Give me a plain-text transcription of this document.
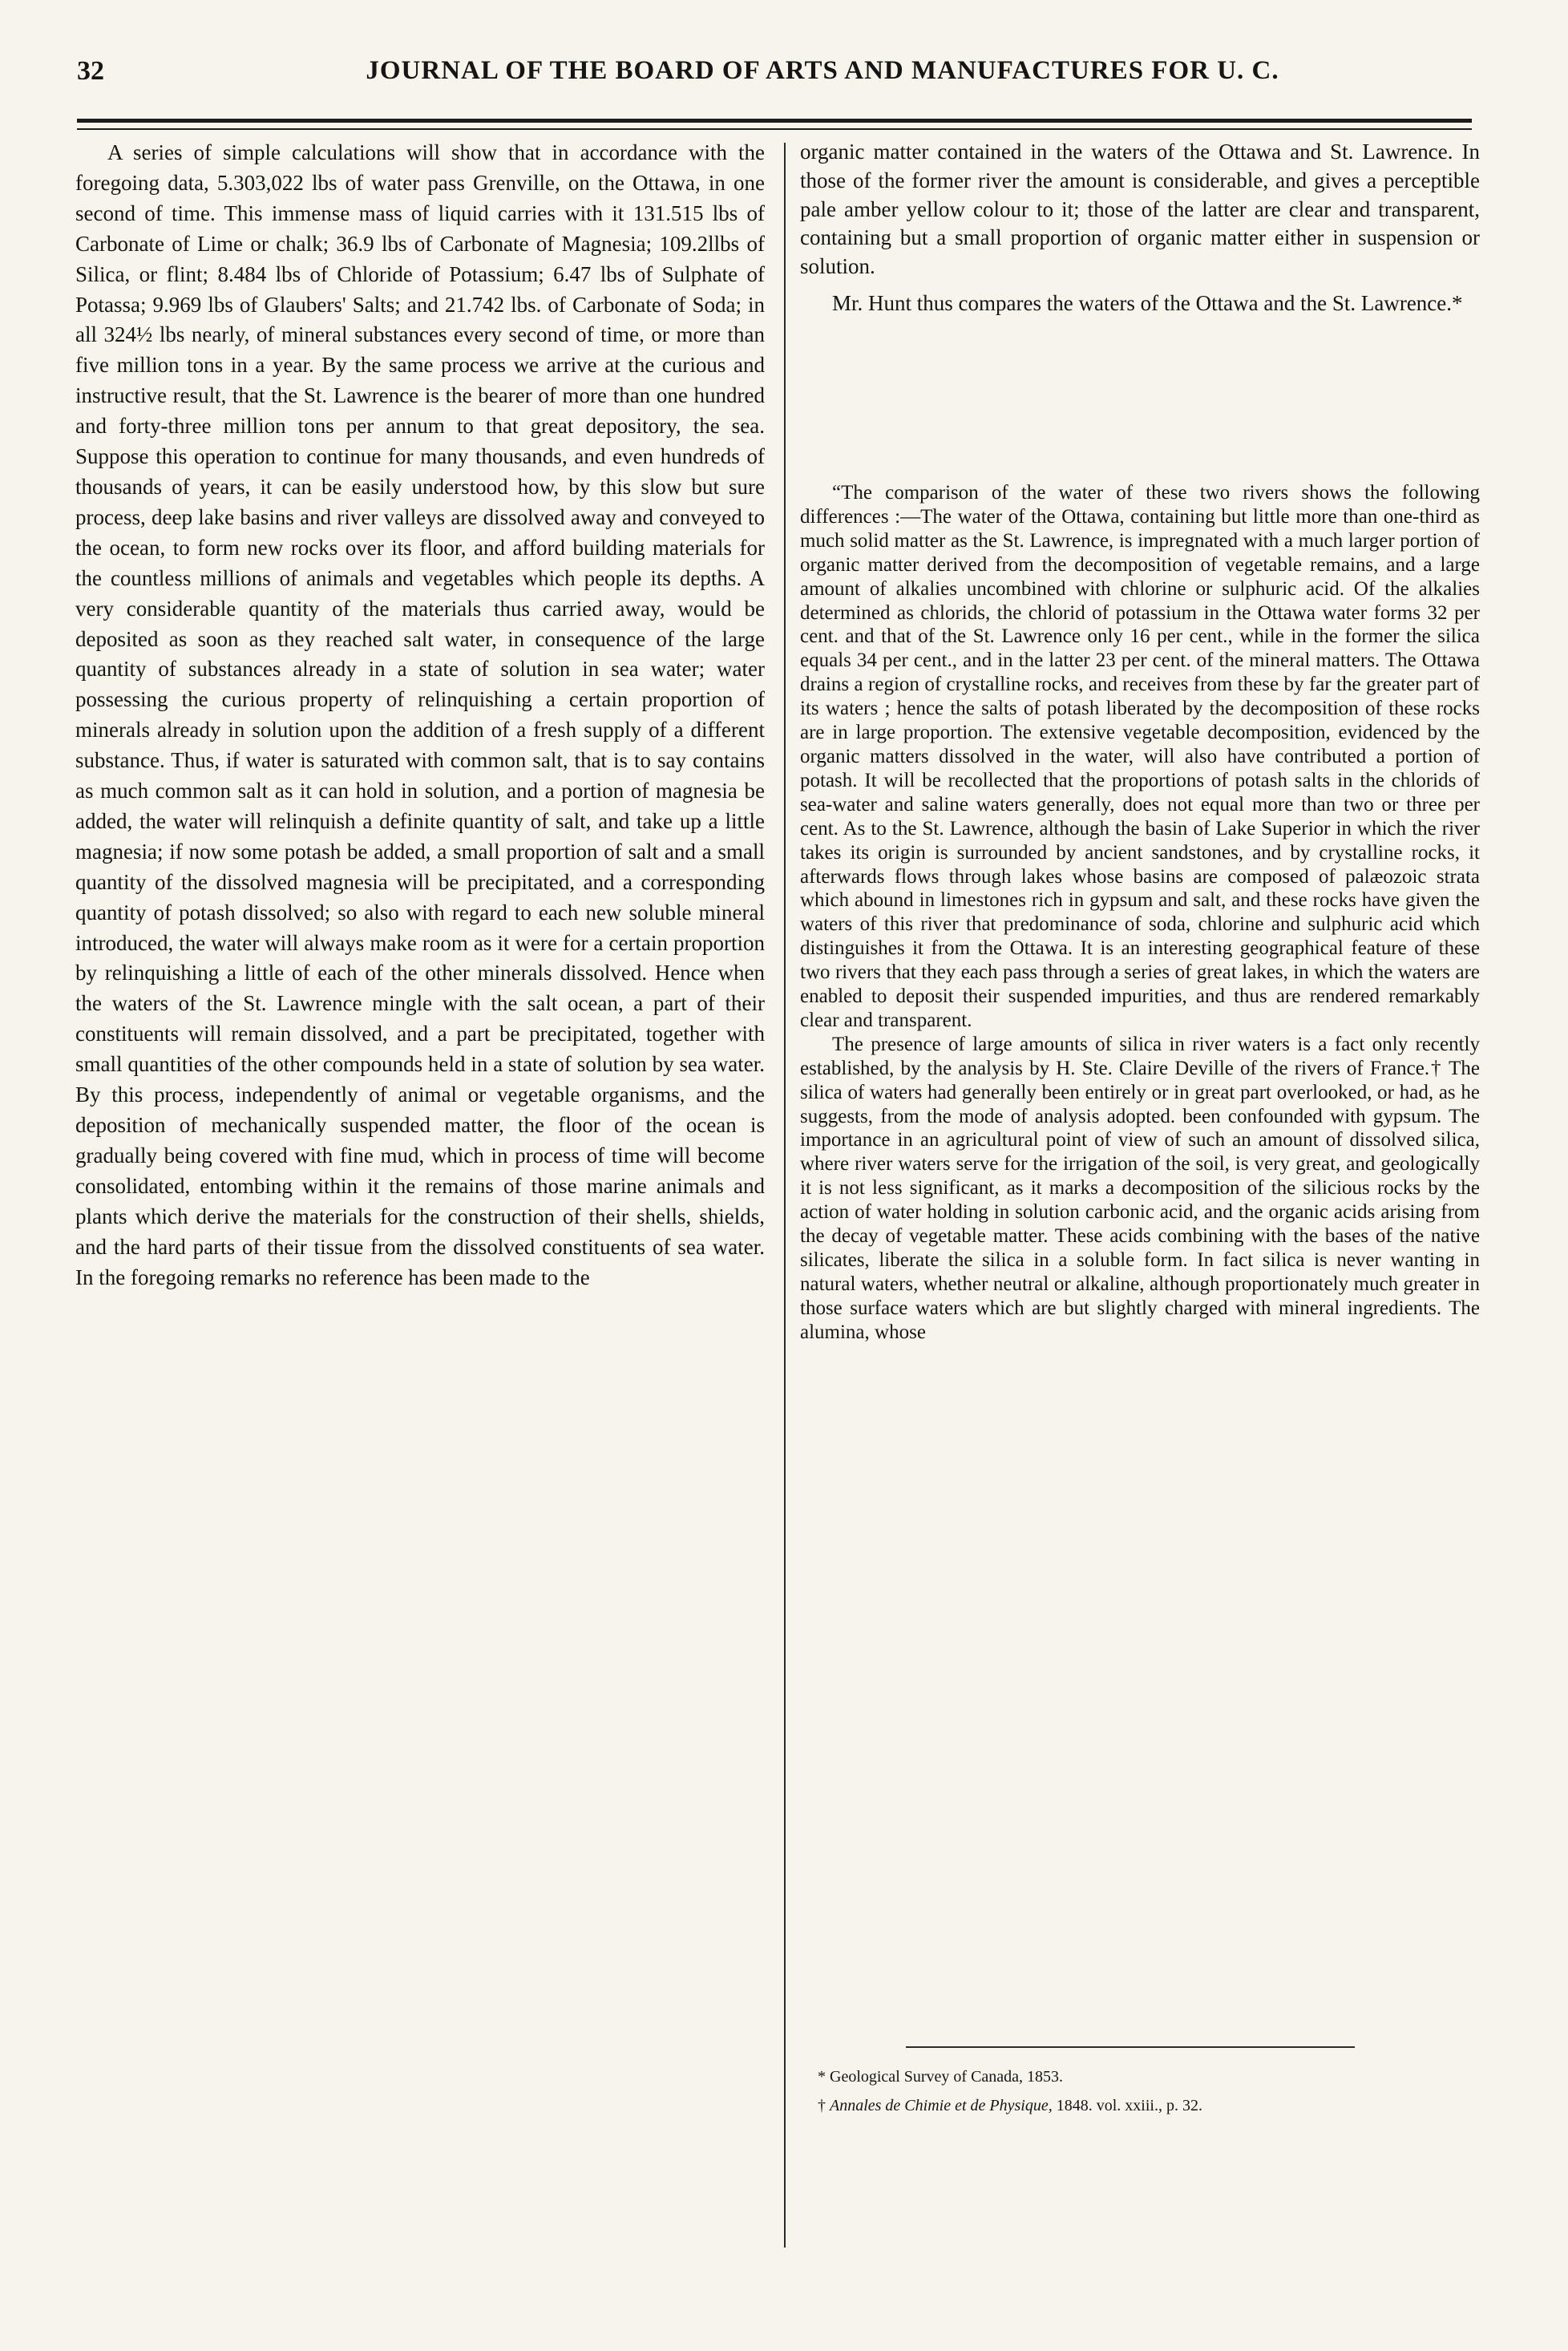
32	JOURNAL OF THE BOARD OF ARTS AND MANUFACTURES FOR U. C.

A series of simple calculations will show that in accordance with the foregoing data, 5.303,022 lbs of water pass Grenville, on the Ottawa, in one second of time. This immense mass of liquid carries with it 131.515 lbs of Carbonate of Lime or chalk; 36.9 lbs of Carbonate of Magnesia; 109.2llbs of Silica, or flint; 8.484 lbs of Chloride of Potassium; 6.47 lbs of Sulphate of Potassa; 9.969 lbs of Glaubers' Salts; and 21.742 lbs. of Carbonate of Soda; in all 324½ lbs nearly, of mineral substances every second of time, or more than five million tons in a year. By the same process we arrive at the curious and instructive result, that the St. Lawrence is the bearer of more than one hundred and forty-three million tons per annum to that great depository, the sea. Suppose this operation to continue for many thousands, and even hundreds of thousands of years, it can be easily understood how, by this slow but sure process, deep lake basins and river valleys are dissolved away and conveyed to the ocean, to form new rocks over its floor, and afford building materials for the countless millions of animals and vegetables which people its depths. A very considerable quantity of the materials thus carried away, would be deposited as soon as they reached salt water, in consequence of the large quantity of substances already in a state of solution in sea water; water possessing the curious property of relinquishing a certain proportion of minerals already in solution upon the addition of a fresh supply of a different substance. Thus, if water is saturated with common salt, that is to say contains as much common salt as it can hold in solution, and a portion of magnesia be added, the water will relinquish a definite quantity of salt, and take up a little magnesia; if now some potash be added, a small proportion of salt and a small quantity of the dissolved magnesia will be precipitated, and a corresponding quantity of potash dissolved; so also with regard to each new soluble mineral introduced, the water will always make room as it were for a certain proportion by relinquishing a little of each of the other minerals dissolved. Hence when the waters of the St. Lawrence mingle with the salt ocean, a part of their constituents will remain dissolved, and a part be precipitated, together with small quantities of the other compounds held in a state of solution by sea water. By this process, independently of animal or vegetable organisms, and the deposition of mechanically suspended matter, the floor of the ocean is gradually being covered with fine mud, which in process of time will become consolidated, entombing within it the remains of those marine animals and plants which derive the materials for the construction of their shells, shields, and the hard parts of their tissue from the dissolved constituents of sea water. In the foregoing remarks no reference has been made to the

organic matter contained in the waters of the Ottawa and St. Lawrence. In those of the former river the amount is considerable, and gives a perceptible pale amber yellow colour to it; those of the latter are clear and transparent, containing but a small proportion of organic matter either in suspension or solution.

Mr. Hunt thus compares the waters of the Ottawa and the St. Lawrence.*

“The comparison of the water of these two rivers shows the following differences :—The water of the Ottawa, containing but little more than one-third as much solid matter as the St. Lawrence, is impregnated with a much larger portion of organic matter derived from the decomposition of vegetable remains, and a large amount of alkalies uncombined with chlorine or sulphuric acid. Of the alkalies determined as chlorids, the chlorid of potassium in the Ottawa water forms 32 per cent. and that of the St. Lawrence only 16 per cent., while in the former the silica equals 34 per cent., and in the latter 23 per cent. of the mineral matters. The Ottawa drains a region of crystalline rocks, and receives from these by far the greater part of its waters ; hence the salts of potash liberated by the decomposition of these rocks are in large proportion. The extensive vegetable decomposition, evidenced by the organic matters dissolved in the water, will also have contributed a portion of potash. It will be recollected that the proportions of potash salts in the chlorids of sea-water and saline waters generally, does not equal more than two or three per cent. As to the St. Lawrence, although the basin of Lake Superior in which the river takes its origin is surrounded by ancient sandstones, and by crystalline rocks, it afterwards flows through lakes whose basins are composed of palæozoic strata which abound in limestones rich in gypsum and salt, and these rocks have given the waters of this river that predominance of soda, chlorine and sulphuric acid which distinguishes it from the Ottawa. It is an interesting geographical feature of these two rivers that they each pass through a series of great lakes, in which the waters are enabled to deposit their suspended impurities, and thus are rendered remarkably clear and transparent.

The presence of large amounts of silica in river waters is a fact only recently established, by the analysis by H. Ste. Claire Deville of the rivers of France.† The silica of waters had generally been entirely or in great part overlooked, or had, as he suggests, from the mode of analysis adopted. been confounded with gypsum. The importance in an agricultural point of view of such an amount of dissolved silica, where river waters serve for the irrigation of the soil, is very great, and geologically it is not less significant, as it marks a decomposition of the silicious rocks by the action of water holding in solution carbonic acid, and the organic acids arising from the decay of vegetable matter. These acids combining with the bases of the native silicates, liberate the silica in a soluble form. In fact silica is never wanting in natural waters, whether neutral or alkaline, although proportionately much greater in those surface waters which are but slightly charged with mineral ingredients. The alumina, whose

* Geological Survey of Canada, 1853.

† Annales de Chimie et de Physique, 1848. vol. xxiii., p. 32.
